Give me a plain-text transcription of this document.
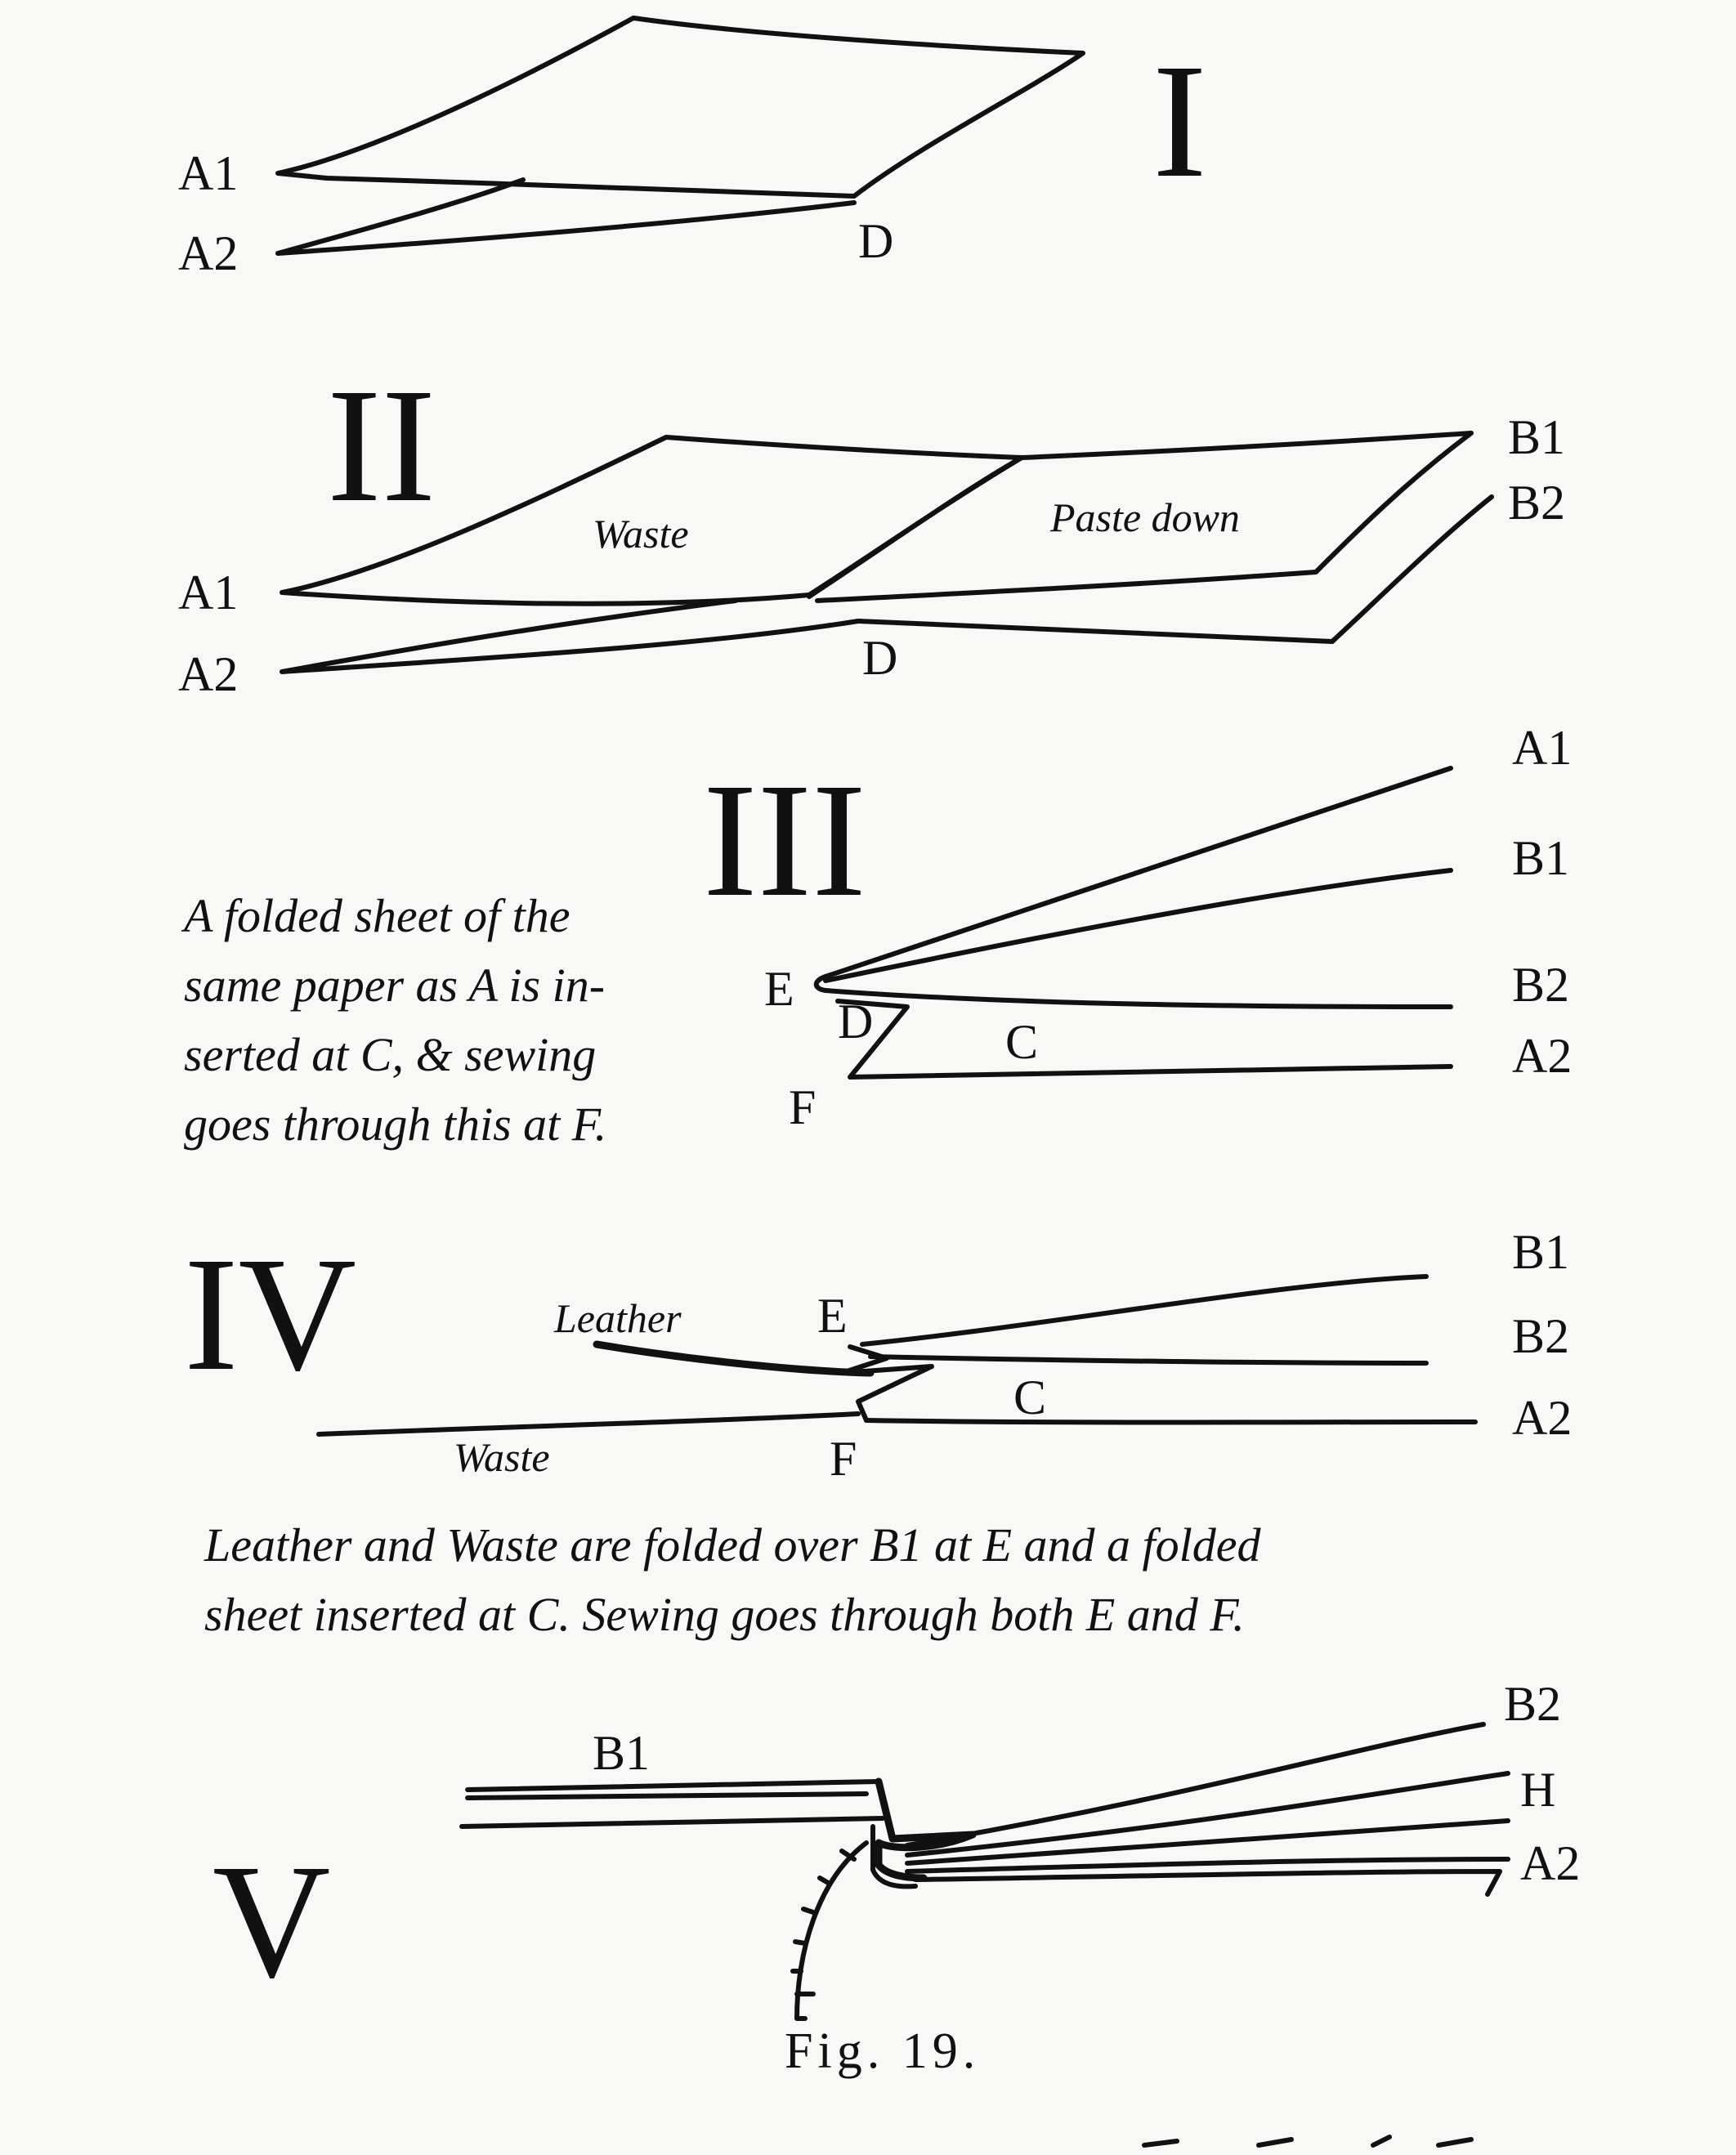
I
A1
A2	D
II	B1
B2
A1
A2	D
Waste	Paste down
III
A1
B1
B2
A2
E
D	C
F
A folded sheet of the
same paper as A is in-
serted at C, & sewing
goes through this at F.
IV	B1
B2
A2
Leather	E
C
Waste	F
Leather and Waste are folded over B1 at E and a folded
sheet inserted at C. Sewing goes through both E and F.
V
B2
H
A2
B1
Fig. 19.
